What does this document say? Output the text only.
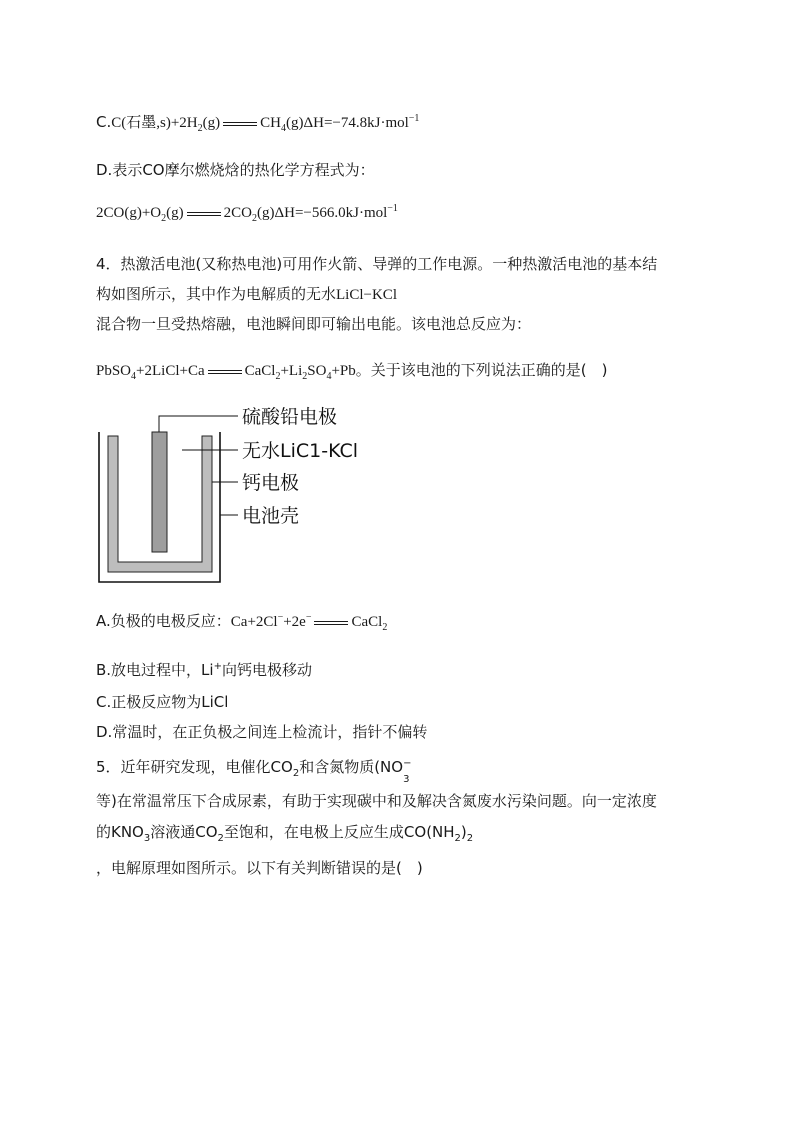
C.C(石墨$,s)+2H_2(g)$	$CH_4(g)\Delta H=-74.8kJ\cdot mol^{-1}$
D.表示CO摩尔燃烧焓的热化学方程式为：
$2CO(g)+O_2(g)$	$2CO_2(g)\Delta H=-566.0kJ\cdot mol^{-1}$
4．热激活电池(又称热电池)可用作火箭、导弹的工作电源。一种热激活电池的基本结
构如图所示，其中作为电解质的无水LiCl−KCl
混合物一旦受热熔融，电池瞬间即可输出电能。该电池总反应为：
PbSO$_4$+2LiCl+Ca	$CaCl_2+Li_2SO_4+Pb$。关于该电池的下列说法正确的是(　)
硫酸铅电极
无水LiC1-KCl
钙电极
电池壳
A.负极的电极反应：Ca+2Cl−+2e−	CaCl$_2$
B.放电过程中，Li+向钙电极移动
C.正极反应物为LiCl
D.常温时，在正负极之间连上检流计，指针不偏转
5．近年研究发现，电催化$CO_2$和含氮物质(NO −
3
等)在常温常压下合成尿素，有助于实现碳中和及解决含氮废水污染问题。向一定浓度
的$KNO_3$溶液通$CO_2$至饱和，在电极上反应生成$CO(NH_2)_2$
，电解原理如图所示。以下有关判断错误的是(　)
